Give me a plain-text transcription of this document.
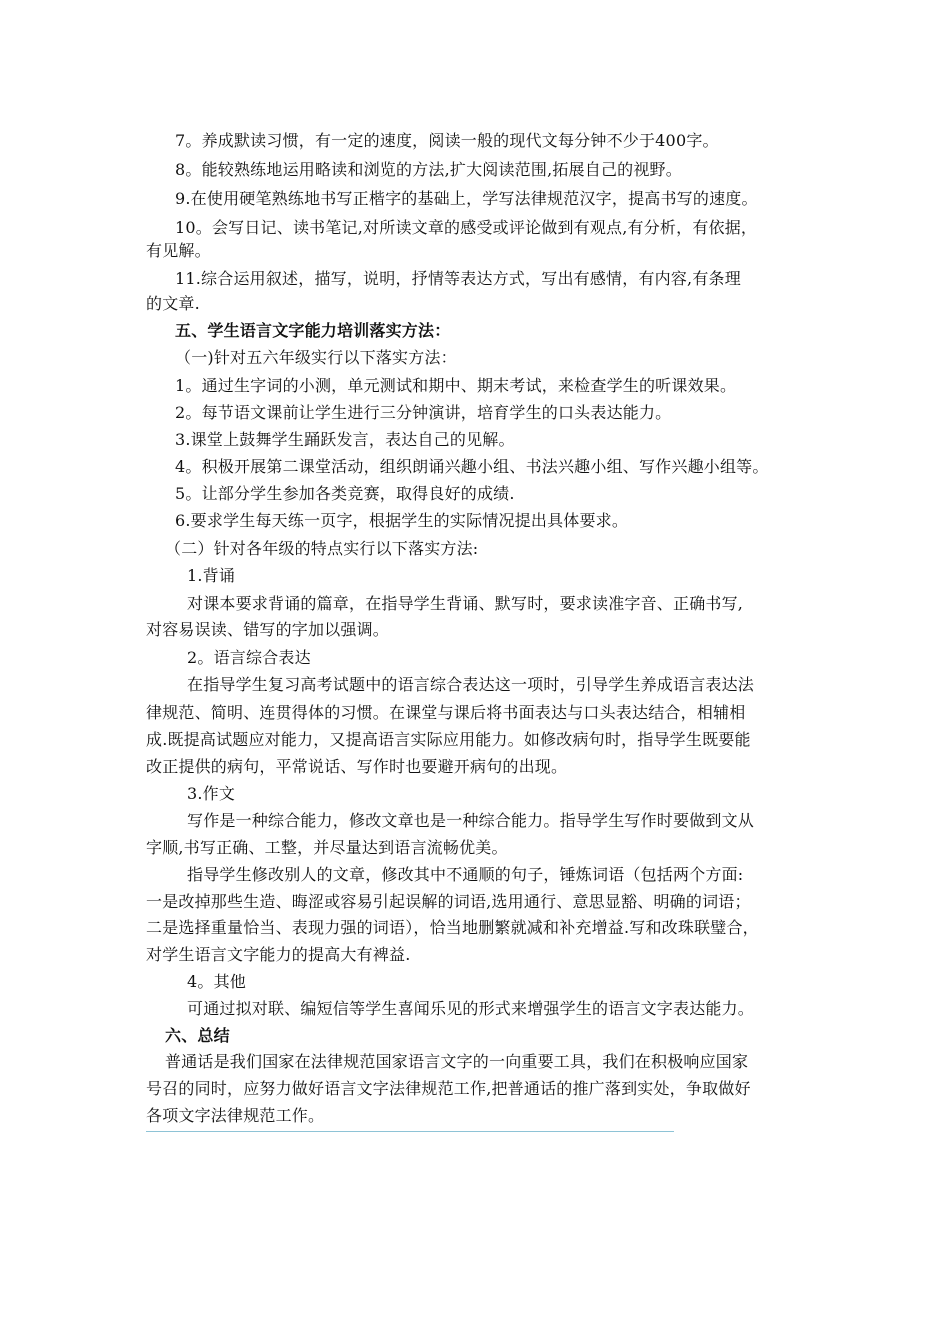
7。养成默读习惯，有一定的速度，阅读一般的现代文每分钟不少于400字。
8。能较熟练地运用略读和浏览的方法,扩大阅读范围,拓展自己的视野。
9.在使用硬笔熟练地书写正楷字的基础上，学写法律规范汉字，提高书写的速度。
10。会写日记、读书笔记,对所读文章的感受或评论做到有观点,有分析，有依据，
有见解。
11.综合运用叙述，描写，说明，抒情等表达方式，写出有感情，有内容,有条理
的文章.
五、学生语言文字能力培训落实方法：
（一)针对五六年级实行以下落实方法：
1。通过生字词的小测，单元测试和期中、期末考试，来检查学生的听课效果。
2。每节语文课前让学生进行三分钟演讲，培育学生的口头表达能力。
3.课堂上鼓舞学生踊跃发言，表达自己的见解。
4。积极开展第二课堂活动，组织朗诵兴趣小组、书法兴趣小组、写作兴趣小组等。
5。让部分学生参加各类竞赛，取得良好的成绩.
6.要求学生每天练一页字，根据学生的实际情况提出具体要求。
（二）针对各年级的特点实行以下落实方法:
1.背诵
对课本要求背诵的篇章，在指导学生背诵、默写时，要求读准字音、正确书写,
对容易误读、错写的字加以强调。
2。语言综合表达
在指导学生复习高考试题中的语言综合表达这一项时，引导学生养成语言表达法
律规范、简明、连贯得体的习惯。在课堂与课后将书面表达与口头表达结合，相辅相
成.既提高试题应对能力，又提高语言实际应用能力。如修改病句时，指导学生既要能
改正提供的病句，平常说话、写作时也要避开病句的出现。
3.作文
写作是一种综合能力，修改文章也是一种综合能力。指导学生写作时要做到文从
字顺,书写正确、工整，并尽量达到语言流畅优美。
指导学生修改别人的文章，修改其中不通顺的句子，锤炼词语（包括两个方面:
一是改掉那些生造、晦涩或容易引起误解的词语,选用通行、意思显豁、明确的词语；
二是选择重量恰当、表现力强的词语），恰当地删繁就减和补充增益.写和改珠联璧合，
对学生语言文字能力的提高大有裨益.
4。其他
可通过拟对联、编短信等学生喜闻乐见的形式来增强学生的语言文字表达能力。
六、总结
普通话是我们国家在法律规范国家语言文字的一向重要工具，我们在积极响应国家
号召的同时，应努力做好语言文字法律规范工作,把普通话的推广落到实处，争取做好
各项文字法律规范工作。
